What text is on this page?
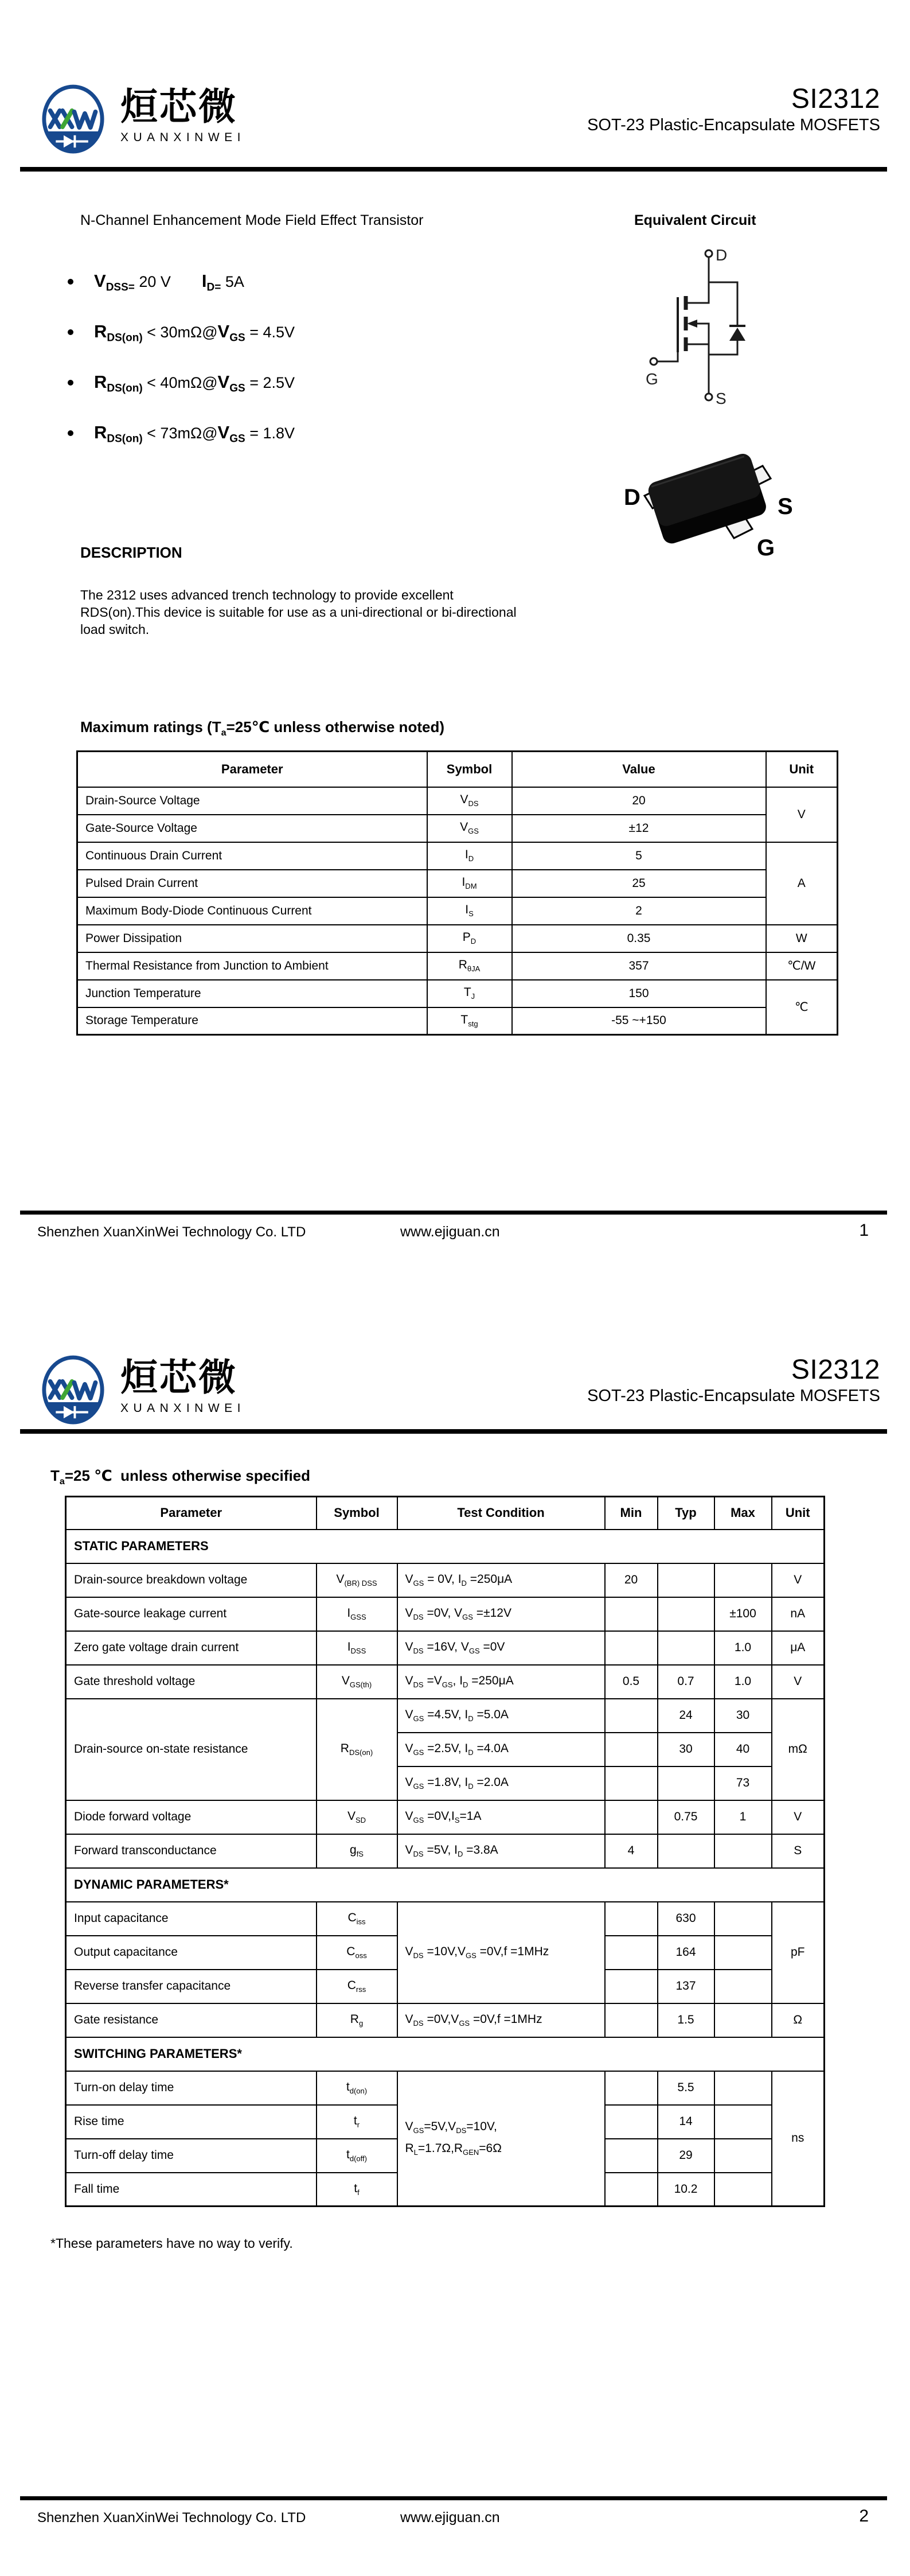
烜芯微
XUANXINWEI
SI2312
SOT-23 Plastic-Encapsulate MOSFETS
N-Channel Enhancement Mode Field Effect Transistor	Equivalent Circuit
$V_{DSS=}$ 20 V  $I_{D=}$ 5A
$R_{DS(on)}$ < $30m\Omega@V_{GS} = 4.5V$
$R_{DS(on)}$ < $40m\Omega@V_{GS} = 2.5V$
$R_{DS(on)}$ < $73m\Omega@V_{GS} = 1.8V$
D
G
S
D	S
G
DESCRIPTION
The 2312 uses advanced trench technology to provide excellent
RDS(on).This device is suitable for use as a uni-directional or bi-directional
load switch.
Maximum ratings ($T_a=25℃$ unless otherwise noted)
Parameter	Symbol	Value	Unit
Drain-Source Voltage	$V_{DS}$	20	V
Gate-Source Voltage	$V_{GS}$	±12	
Continuous Drain Current	$I_D$	5	A
Pulsed Drain Current	$I_{DM}$	25	
Maximum Body-Diode Continuous Current	$I_S$	2	
Power Dissipation	$P_D$	0.35	W
Thermal Resistance from Junction to Ambient	$R_{\theta JA}$	357	℃/W
Junction Temperature	$T_J$	150	℃
Storage Temperature	$T_{stg}$	-55 ~+150	
Shenzhen XuanXinWei Technology Co. LTD	www.ejiguan.cn	1
烜芯微
XUANXINWEI
SI2312
SOT-23 Plastic-Encapsulate MOSFETS
$T_a=25$ ℃  unless otherwise specified
Parameter	Symbol	Test Condition	Min	Typ	Max	Unit
STATIC PARAMETERS						
Drain-source breakdown voltage	$V_{(BR) DSS}$	$V_{GS} = 0V$, $I_D =250\mu A$	20			V
Gate-source leakage current	$I_{GSS}$	$V_{DS} =0V$, $V_{GS} =\pm 12V$			±100	nA
Zero gate voltage drain current	$I_{DSS}$	$V_{DS} =16V$, $V_{GS} =0V$			1.0	μA
Gate threshold voltage	$V_{GS(th)}$	$V_{DS} =V_{GS}$, $I_D =250\mu A$	0.5	0.7	1.0	V
Drain-source on-state resistance	$R_{DS(on)}$	$V_{GS} =4.5V$, $I_D =5.0A$		24	30	mΩ
		$V_{GS} =2.5V$, $I_D =4.0A$		30	40	
		$V_{GS} =1.8V$, $I_D =2.0A$			73	
Diode forward voltage	$V_{SD}$	$V_{GS} =0V,I_S=1A$		0.75	1	V
Forward transconductance	$g_{fS}$	$V_{DS} =5V$, $I_D =3.8A$	4			S
DYNAMIC PARAMETERS*						
Input capacitance	$C_{iss}$	$V_{DS} =10V,V_{GS} =0V,f =1MHz$		630		pF
Output capacitance	$C_{oss}$			164		
Reverse transfer capacitance	$C_{rss}$			137		
Gate resistance	$R_g$	$V_{DS} =0V,V_{GS} =0V,f =1MHz$		1.5		Ω
SWITCHING PARAMETERS*						
Turn-on delay time	$t_{d(on)}$	$V_{GS}=5V,V_{DS}=10V$,
$R_L=1.7\Omega,R_{GEN}=6\Omega$		5.5		ns
Rise time	$t_r$			14		
Turn-off delay time	$t_{d(off)}$			29		
Fall time	$t_f$			10.2		
*These parameters have no way to verify.
Shenzhen XuanXinWei Technology Co. LTD	www.ejiguan.cn	2
